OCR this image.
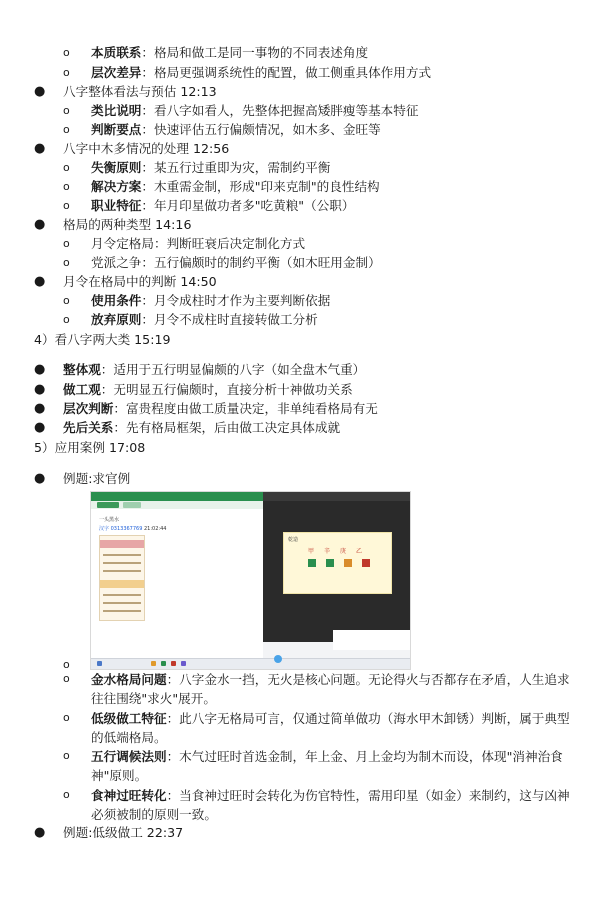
o 本质联系：格局和做工是同一事物的不同表述角度
o 层次差异：格局更强调系统性的配置，做工侧重具体作用方式
● 八字整体看法与预估 12:13
o 类比说明：看八字如看人，先整体把握高矮胖瘦等基本特征
o 判断要点：快速评估五行偏颇情况，如木多、金旺等
● 八字中木多情况的处理 12:56
o 失衡原则：某五行过重即为灾，需制约平衡
o 解决方案：木重需金制，形成"印来克制"的良性结构
o 职业特征：年月印星做功者多"吃黄粮"（公职）
● 格局的两种类型 14:16
o 月令定格局：判断旺衰后决定制化方式
o 党派之争：五行偏颇时的制约平衡（如木旺用金制）
● 月令在格局中的判断 14:50
o 使用条件：月令成柱时才作为主要判断依据
o 放弃原则：月令不成柱时直接转做工分析
4）看八字两大类 15:19
● 整体观：适用于五行明显偏颇的八字（如全盘木气重）
● 做工观：无明显五行偏颇时，直接分析十神做功关系
● 层次判断：富贵程度由做工质量决定，非单纯看格局有无
● 先后关系：先有格局框架，后由做工决定具体成就
5）应用案例 17:08
● 例题:求官例
一头黑水
汉字 0313367769 21:02:44
乾造
甲辛庚乙
o
o 金水格局问题：八字金水一挡，无火是核心问题。无论得火与否都存在矛盾，人生追求往往围绕"求火"展开。
o 低级做工特征：此八字无格局可言，仅通过简单做功（海水甲木卸锈）判断，属于典型的低端格局。
o 五行调候法则：木气过旺时首选金制，年上金、月上金均为制木而设，体现"消神治食神"原则。
o 食神过旺转化：当食神过旺时会转化为伤官特性，需用印星（如金）来制约，这与凶神必须被制的原则一致。
● 例题:低级做工 22:37
